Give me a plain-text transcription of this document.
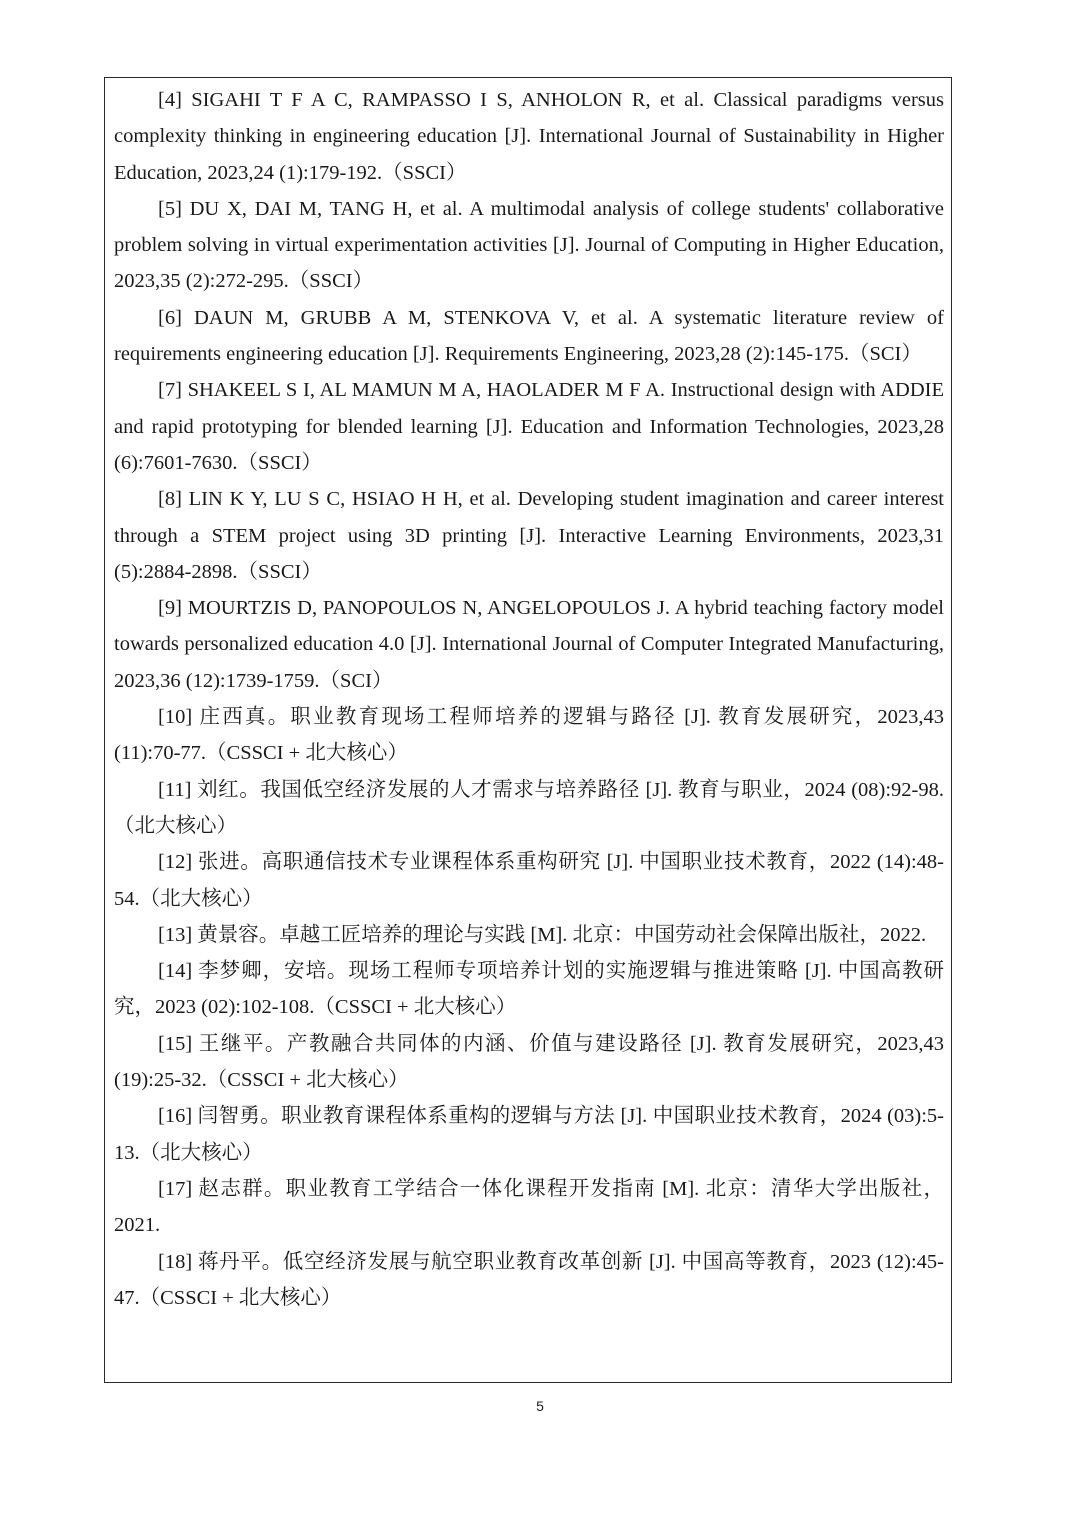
[4] SIGAHI T F A C, RAMPASSO I S, ANHOLON R, et al. Classical paradigms versus complexity thinking in engineering education [J]. International Journal of Sustainability in Higher Education, 2023,24 (1):179-192.（SSCI）

[5] DU X, DAI M, TANG H, et al. A multimodal analysis of college students' collaborative problem solving in virtual experimentation activities [J]. Journal of Computing in Higher Education, 2023,35 (2):272-295.（SSCI）

[6] DAUN M, GRUBB A M, STENKOVA V, et al. A systematic literature review of requirements engineering education [J]. Requirements Engineering, 2023,28 (2):145-175.（SCI）

[7] SHAKEEL S I, AL MAMUN M A, HAOLADER M F A. Instructional design with ADDIE and rapid prototyping for blended learning [J]. Education and Information Technologies, 2023,28 (6):7601-7630.（SSCI）

[8] LIN K Y, LU S C, HSIAO H H, et al. Developing student imagination and career interest through a STEM project using 3D printing [J]. Interactive Learning Environments, 2023,31 (5):2884-2898.（SSCI）

[9] MOURTZIS D, PANOPOULOS N, ANGELOPOULOS J. A hybrid teaching factory model towards personalized education 4.0 [J]. International Journal of Computer Integrated Manufacturing, 2023,36 (12):1739-1759.（SCI）

[10] 庄西真。职业教育现场工程师培养的逻辑与路径 [J]. 教育发展研究，2023,43 (11):70-77.（CSSCI + 北大核心）

[11] 刘红。我国低空经济发展的人才需求与培养路径 [J]. 教育与职业，2024 (08):92-98.（北大核心）

[12] 张进。高职通信技术专业课程体系重构研究 [J]. 中国职业技术教育，2022 (14):48-54.（北大核心）

[13] 黄景容。卓越工匠培养的理论与实践 [M]. 北京：中国劳动社会保障出版社，2022.

[14] 李梦卿，安培。现场工程师专项培养计划的实施逻辑与推进策略 [J]. 中国高教研究，2023 (02):102-108.（CSSCI + 北大核心）

[15] 王继平。产教融合共同体的内涵、价值与建设路径 [J]. 教育发展研究，2023,43 (19):25-32.（CSSCI + 北大核心）

[16] 闫智勇。职业教育课程体系重构的逻辑与方法 [J]. 中国职业技术教育，2024 (03):5-13.（北大核心）

[17] 赵志群。职业教育工学结合一体化课程开发指南 [M]. 北京：清华大学出版社，2021.

[18] 蒋丹平。低空经济发展与航空职业教育改革创新 [J]. 中国高等教育，2023 (12):45-47.（CSSCI + 北大核心）

5
